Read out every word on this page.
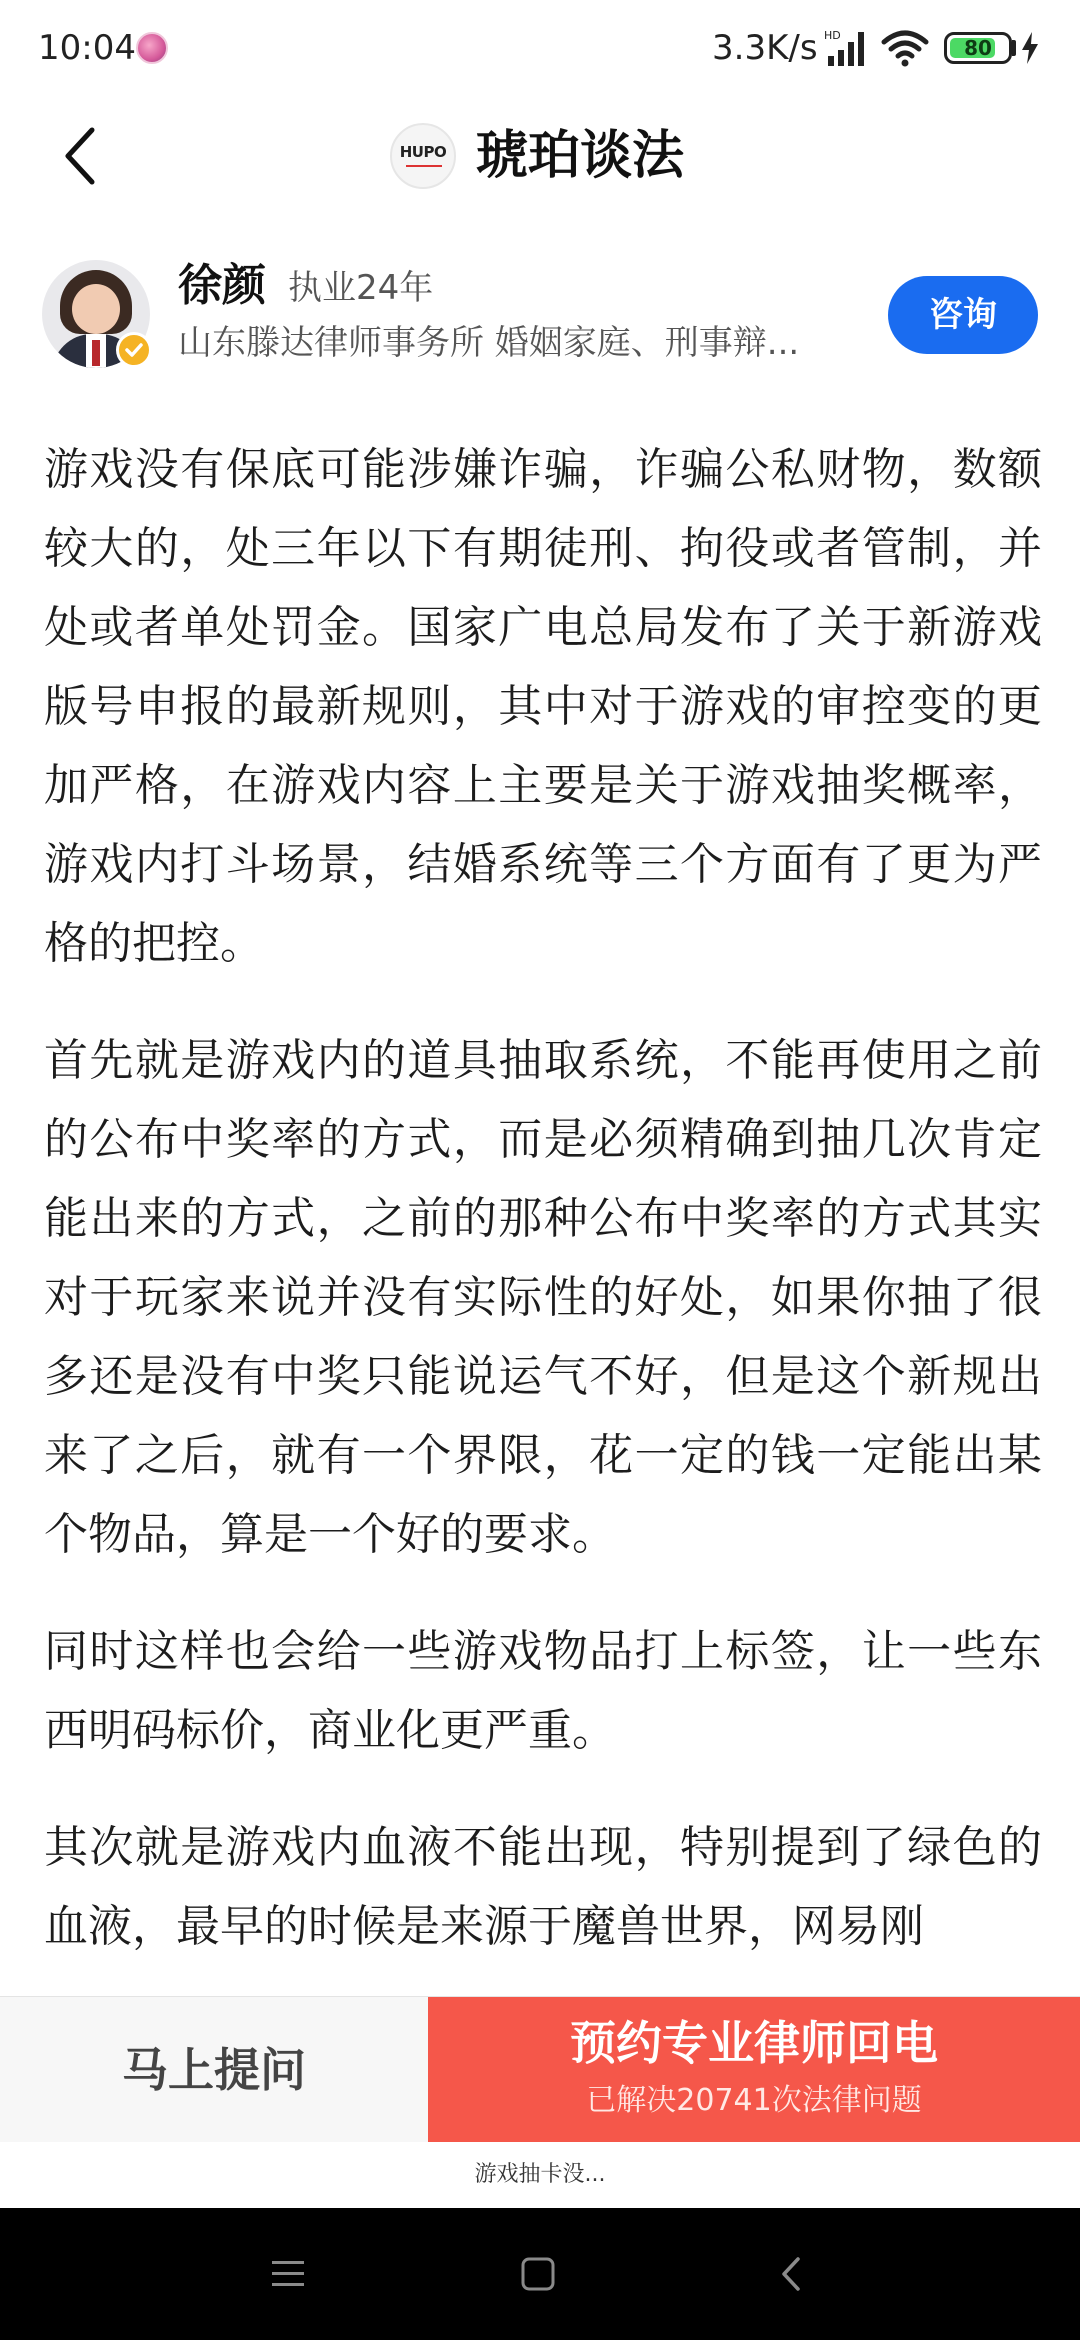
10:04	3.3K/s HD
80
HUPO 琥珀谈法
徐颜 执业24年
山东滕达律师事务所 婚姻家庭、刑事辩...
咨询

游戏没有保底可能涉嫌诈骗，诈骗公私财物，数额较大的，处三年以下有期徒刑、拘役或者管制，并处或者单处罚金。国家广电总局发布了关于新游戏版号申报的最新规则，其中对于游戏的审控变的更加严格，在游戏内容上主要是关于游戏抽奖概率，游戏内打斗场景，结婚系统等三个方面有了更为严格的把控。

首先就是游戏内的道具抽取系统，不能再使用之前的公布中奖率的方式，而是必须精确到抽几次肯定能出来的方式，之前的那种公布中奖率的方式其实对于玩家来说并没有实际性的好处，如果你抽了很多还是没有中奖只能说运气不好，但是这个新规出来了之后，就有一个界限，花一定的钱一定能出某个物品，算是一个好的要求。

同时这样也会给一些游戏物品打上标签，让一些东西明码标价，商业化更严重。

其次就是游戏内血液不能出现，特别提到了绿色的血液，最早的时候是来源于魔兽世界，网易刚

马上提问	预约专业律师回电
已解决20741次法律问题
游戏抽卡没...
